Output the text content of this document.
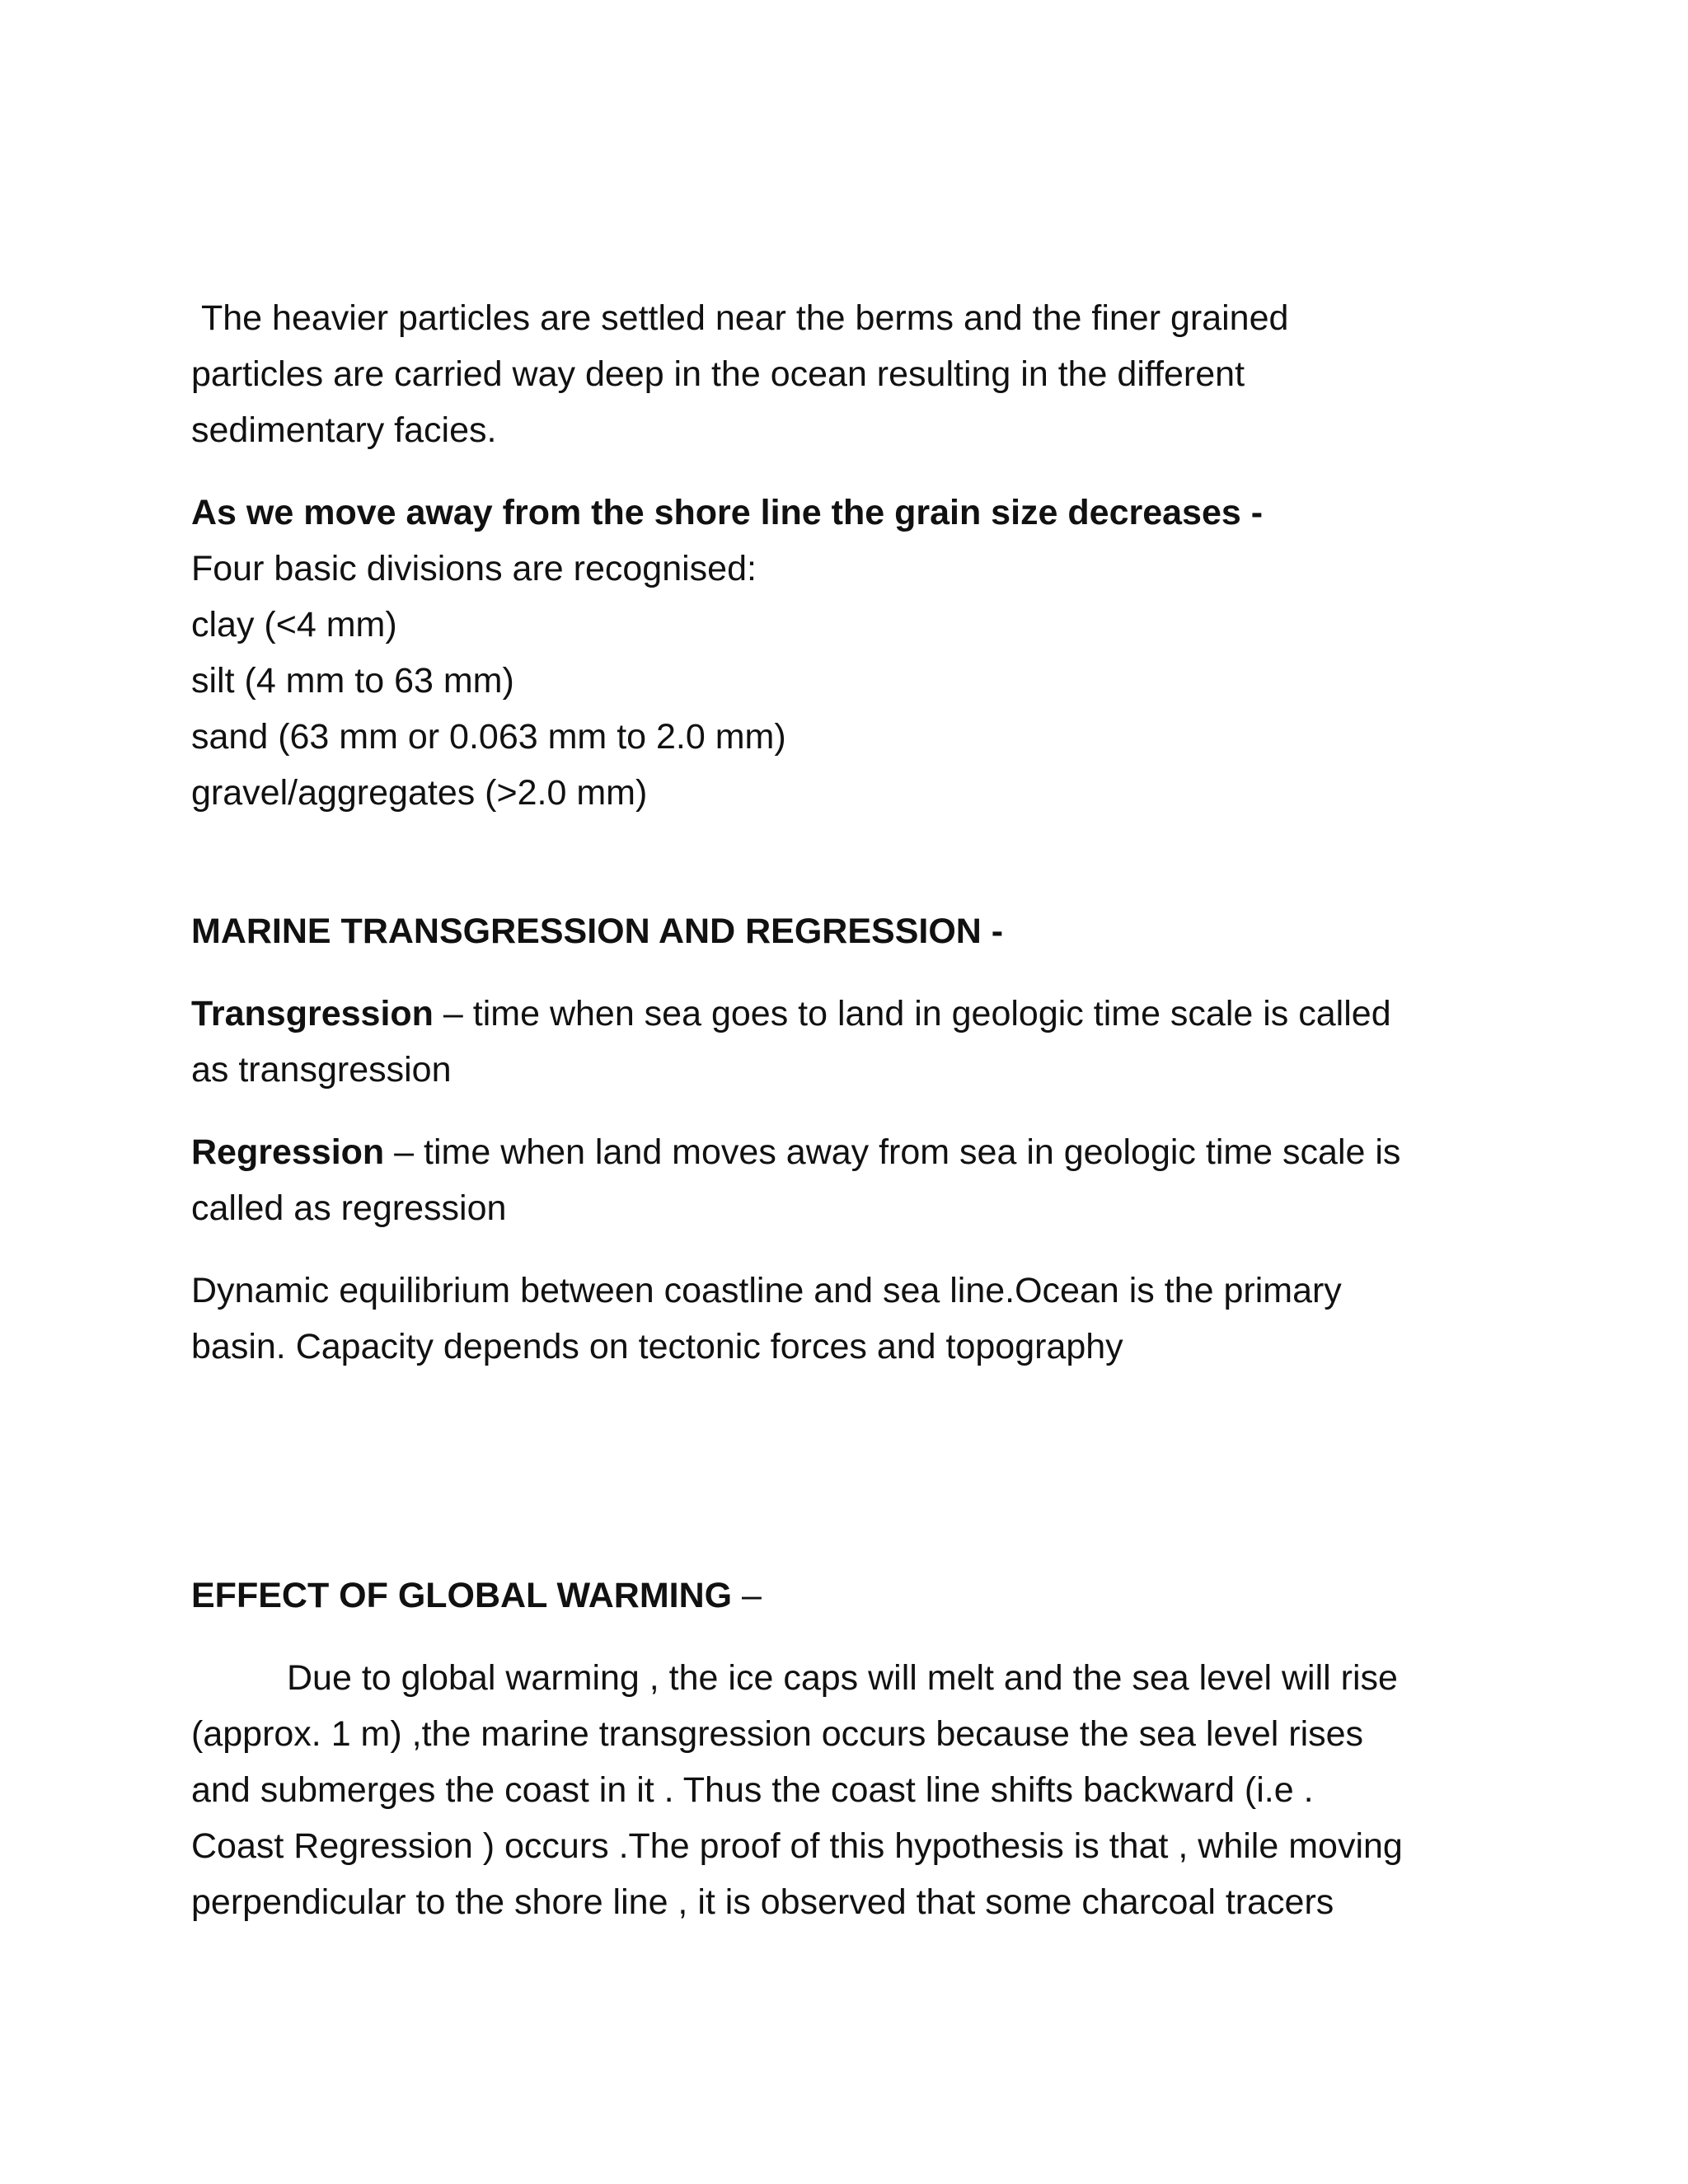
The heavier particles are settled near the berms and the finer grained
particles are carried way deep in the ocean resulting in the different
sedimentary facies.

As we move away from the shore line the grain size decreases -
Four basic divisions are recognised:
clay (<4 mm)
silt (4 mm to 63 mm)
sand (63 mm or 0.063 mm to 2.0 mm)
gravel/aggregates (>2.0 mm)

MARINE TRANSGRESSION AND REGRESSION -

Transgression – time when sea goes to land in geologic time scale is called
as transgression

Regression – time when land moves away from sea in geologic time scale is
called as regression

Dynamic equilibrium between coastline and sea line.Ocean is the primary
basin. Capacity depends on tectonic forces and topography

EFFECT OF GLOBAL WARMING –

Due to global warming , the ice caps will melt and the sea level will rise
(approx. 1 m) ,the marine transgression occurs because the sea level rises
and submerges the coast in it . Thus the coast line shifts backward (i.e .
Coast Regression ) occurs .The proof of this hypothesis is that , while moving
perpendicular to the shore line , it is observed that some charcoal tracers
